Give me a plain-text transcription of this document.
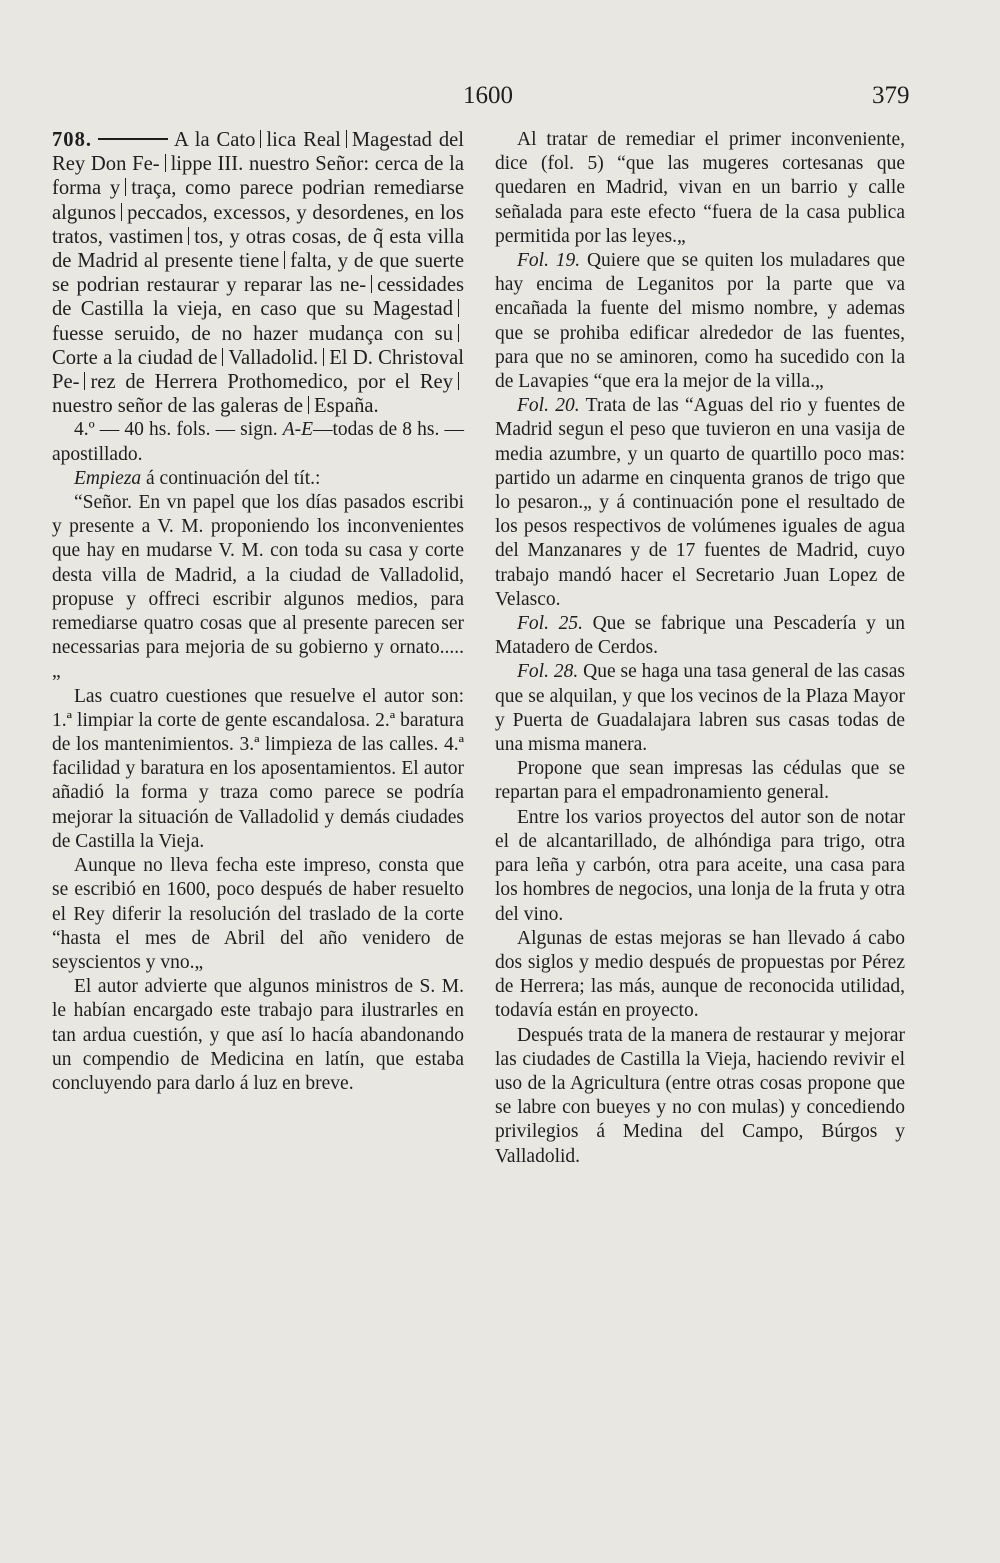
1600	379

708.	A la Cato lica Real Magestad del Rey Don Fe- lippe III. nuestro Señor: cerca de la forma y traça, como parece podrian remediarse algunos peccados, excessos, y desordenes, en los tratos, vastimen tos, y otras cosas, de q̃ esta villa de Madrid al presente tiene falta, y de que suerte se podrian restaurar y reparar las ne- cessidades de Castilla la vieja, en caso que su Magestadfuesse seruido, de no hazer mudança con suCorte a la ciudad de Valladolid. El D. Christoval Pe- rez de Herrera Prothomedico, por el Reynuestro señor de las galeras de España.

4.º — 40 hs. fols. — sign. A-E—todas de 8 hs. — apostillado.

Empieza á continuación del tít.:

“Señor. En vn papel que los días pasados escribi y presente a V. M. proponiendo los inconvenientes que hay en mudarse V. M. con toda su casa y corte desta villa de Madrid, a la ciudad de Valladolid, propuse y offreci escribir algunos medios, para remediarse quatro cosas que al presente parecen ser necessarias para mejoria de su gobierno y ornato.....„

Las cuatro cuestiones que resuelve el autor son: 1.ª limpiar la corte de gente escandalosa. 2.ª baratura de los mantenimientos. 3.ª limpieza de las calles. 4.ª facilidad y baratura en los aposentamientos. El autor añadió la forma y traza como parece se podría mejorar la situación de Valladolid y demás ciudades de Castilla la Vieja.

Aunque no lleva fecha este impreso, consta que se escribió en 1600, poco después de haber resuelto el Rey diferir la resolución del traslado de la corte “hasta el mes de Abril del año venidero de seyscientos y vno.„

El autor advierte que algunos ministros de S. M. le habían encargado este trabajo para ilustrarles en tan ardua cuestión, y que así lo hacía abandonando un compendio de Medicina en latín, que estaba concluyendo para darlo á luz en breve.

Al tratar de remediar el primer inconveniente, dice (fol. 5) “que las mugeres cortesanas que quedaren en Madrid, vivan en un barrio y calle señalada para este efecto “fuera de la casa publica permitida por las leyes.„

Fol. 19. Quiere que se quiten los muladares que hay encima de Leganitos por la parte que va encañada la fuente del mismo nombre, y ademas que se prohiba edificar alrededor de las fuentes, para que no se aminoren, como ha sucedido con la de Lavapies “que era la mejor de la villa.„

Fol. 20. Trata de las “Aguas del rio y fuentes de Madrid segun el peso que tuvieron en una vasija de media azumbre, y un quarto de quartillo poco mas: partido un adarme en cinquenta granos de trigo que lo pesaron.„ y á continuación pone el resultado de los pesos respectivos de volúmenes iguales de agua del Manzanares y de 17 fuentes de Madrid, cuyo trabajo mandó hacer el Secretario Juan Lopez de Velasco.

Fol. 25. Que se fabrique una Pescadería y un Matadero de Cerdos.

Fol. 28. Que se haga una tasa general de las casas que se alquilan, y que los vecinos de la Plaza Mayor y Puerta de Guadalajara labren sus casas todas de una misma manera.

Propone que sean impresas las cédulas que se repartan para el empadronamiento general.

Entre los varios proyectos del autor son de notar el de alcantarillado, de alhóndiga para trigo, otra para leña y carbón, otra para aceite, una casa para los hombres de negocios, una lonja de la fruta y otra del vino.

Algunas de estas mejoras se han llevado á cabo dos siglos y medio después de propuestas por Pérez de Herrera; las más, aunque de reconocida utilidad, todavía están en proyecto.

Después trata de la manera de restaurar y mejorar las ciudades de Castilla la Vieja, haciendo revivir el uso de la Agricultura (entre otras cosas propone que se labre con bueyes y no con mulas) y concediendo privilegios á Medina del Campo, Búrgos y Valladolid.
